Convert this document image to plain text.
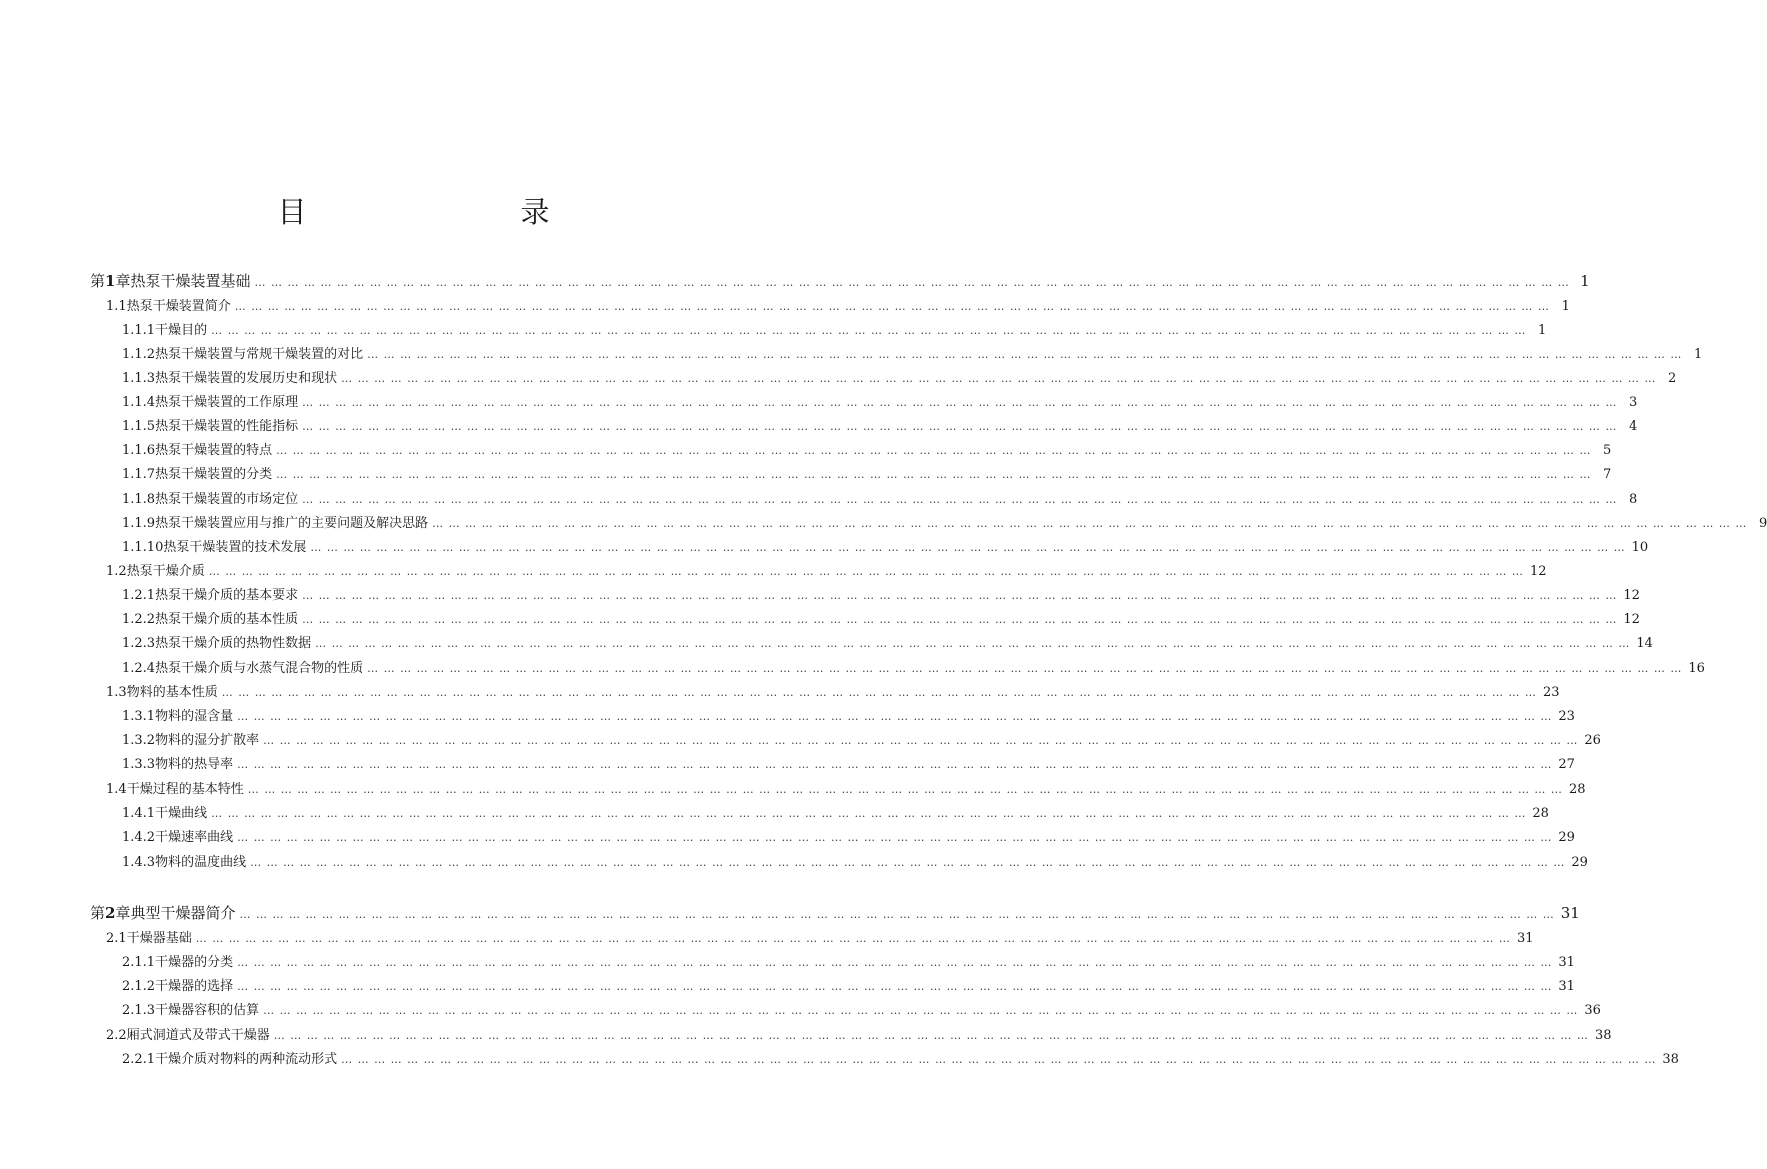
目　　录
第1章 热泵干燥装置基础 … … … … … … … … … … … … … … … … … … … … … … … … … … … … … … … … … … … … … … … … … … … … … … … … … … … … … … … … … … … … … … … … … … … … … … … … … … … … … … … … 1
1.1 热泵干燥装置简介 … … … … … … … … … … … … … … … … … … … … … … … … … … … … … … … … … … … … … … … … … … … … … … … … … … … … … … … … … … … … … … … … … … … … … … … … … … … … … … … … 1
1.1.1 干燥目的 … … … … … … … … … … … … … … … … … … … … … … … … … … … … … … … … … … … … … … … … … … … … … … … … … … … … … … … … … … … … … … … … … … … … … … … … … … … … … … … … 1
1.1.2 热泵干燥装置与常规干燥装置的对比 … … … … … … … … … … … … … … … … … … … … … … … … … … … … … … … … … … … … … … … … … … … … … … … … … … … … … … … … … … … … … … … … … … … … … … … … … … … … … … … … 1
1.1.3 热泵干燥装置的发展历史和现状 … … … … … … … … … … … … … … … … … … … … … … … … … … … … … … … … … … … … … … … … … … … … … … … … … … … … … … … … … … … … … … … … … … … … … … … … … … … … … … … … 2
1.1.4 热泵干燥装置的工作原理 … … … … … … … … … … … … … … … … … … … … … … … … … … … … … … … … … … … … … … … … … … … … … … … … … … … … … … … … … … … … … … … … … … … … … … … … … … … … … … … … 3
1.1.5 热泵干燥装置的性能指标 … … … … … … … … … … … … … … … … … … … … … … … … … … … … … … … … … … … … … … … … … … … … … … … … … … … … … … … … … … … … … … … … … … … … … … … … … … … … … … … … 4
1.1.6 热泵干燥装置的特点 … … … … … … … … … … … … … … … … … … … … … … … … … … … … … … … … … … … … … … … … … … … … … … … … … … … … … … … … … … … … … … … … … … … … … … … … … … … … … … … … 5
1.1.7 热泵干燥装置的分类 … … … … … … … … … … … … … … … … … … … … … … … … … … … … … … … … … … … … … … … … … … … … … … … … … … … … … … … … … … … … … … … … … … … … … … … … … … … … … … … … 7
1.1.8 热泵干燥装置的市场定位 … … … … … … … … … … … … … … … … … … … … … … … … … … … … … … … … … … … … … … … … … … … … … … … … … … … … … … … … … … … … … … … … … … … … … … … … … … … … … … … … 8
1.1.9 热泵干燥装置应用与推广的主要问题及解决思路 … … … … … … … … … … … … … … … … … … … … … … … … … … … … … … … … … … … … … … … … … … … … … … … … … … … … … … … … … … … … … … … … … … … … … … … … … … … … … … … … 9
1.1.10 热泵干燥装置的技术发展 … … … … … … … … … … … … … … … … … … … … … … … … … … … … … … … … … … … … … … … … … … … … … … … … … … … … … … … … … … … … … … … … … … … … … … … … … … … … … … … … 10
1.2 热泵干燥介质 … … … … … … … … … … … … … … … … … … … … … … … … … … … … … … … … … … … … … … … … … … … … … … … … … … … … … … … … … … … … … … … … … … … … … … … … … … … … … … … … 12
1.2.1 热泵干燥介质的基本要求 … … … … … … … … … … … … … … … … … … … … … … … … … … … … … … … … … … … … … … … … … … … … … … … … … … … … … … … … … … … … … … … … … … … … … … … … … … … … … … … … 12
1.2.2 热泵干燥介质的基本性质 … … … … … … … … … … … … … … … … … … … … … … … … … … … … … … … … … … … … … … … … … … … … … … … … … … … … … … … … … … … … … … … … … … … … … … … … … … … … … … … … 12
1.2.3 热泵干燥介质的热物性数据 … … … … … … … … … … … … … … … … … … … … … … … … … … … … … … … … … … … … … … … … … … … … … … … … … … … … … … … … … … … … … … … … … … … … … … … … … … … … … … … … 14
1.2.4 热泵干燥介质与水蒸气混合物的性质 … … … … … … … … … … … … … … … … … … … … … … … … … … … … … … … … … … … … … … … … … … … … … … … … … … … … … … … … … … … … … … … … … … … … … … … … … … … … … … … … 16
1.3 物料的基本性质 … … … … … … … … … … … … … … … … … … … … … … … … … … … … … … … … … … … … … … … … … … … … … … … … … … … … … … … … … … … … … … … … … … … … … … … … … … … … … … … … 23
1.3.1 物料的湿含量 … … … … … … … … … … … … … … … … … … … … … … … … … … … … … … … … … … … … … … … … … … … … … … … … … … … … … … … … … … … … … … … … … … … … … … … … … … … … … … … … 23
1.3.2 物料的湿分扩散率 … … … … … … … … … … … … … … … … … … … … … … … … … … … … … … … … … … … … … … … … … … … … … … … … … … … … … … … … … … … … … … … … … … … … … … … … … … … … … … … … 26
1.3.3 物料的热导率 … … … … … … … … … … … … … … … … … … … … … … … … … … … … … … … … … … … … … … … … … … … … … … … … … … … … … … … … … … … … … … … … … … … … … … … … … … … … … … … … 27
1.4 干燥过程的基本特性 … … … … … … … … … … … … … … … … … … … … … … … … … … … … … … … … … … … … … … … … … … … … … … … … … … … … … … … … … … … … … … … … … … … … … … … … … … … … … … … … 28
1.4.1 干燥曲线 … … … … … … … … … … … … … … … … … … … … … … … … … … … … … … … … … … … … … … … … … … … … … … … … … … … … … … … … … … … … … … … … … … … … … … … … … … … … … … … … 28
1.4.2 干燥速率曲线 … … … … … … … … … … … … … … … … … … … … … … … … … … … … … … … … … … … … … … … … … … … … … … … … … … … … … … … … … … … … … … … … … … … … … … … … … … … … … … … … 29
1.4.3 物料的温度曲线 … … … … … … … … … … … … … … … … … … … … … … … … … … … … … … … … … … … … … … … … … … … … … … … … … … … … … … … … … … … … … … … … … … … … … … … … … … … … … … … … 29
第2章 典型干燥器简介 … … … … … … … … … … … … … … … … … … … … … … … … … … … … … … … … … … … … … … … … … … … … … … … … … … … … … … … … … … … … … … … … … … … … … … … … … … … … … … … … 31
2.1 干燥器基础 … … … … … … … … … … … … … … … … … … … … … … … … … … … … … … … … … … … … … … … … … … … … … … … … … … … … … … … … … … … … … … … … … … … … … … … … … … … … … … … … 31
2.1.1 干燥器的分类 … … … … … … … … … … … … … … … … … … … … … … … … … … … … … … … … … … … … … … … … … … … … … … … … … … … … … … … … … … … … … … … … … … … … … … … … … … … … … … … … 31
2.1.2 干燥器的选择 … … … … … … … … … … … … … … … … … … … … … … … … … … … … … … … … … … … … … … … … … … … … … … … … … … … … … … … … … … … … … … … … … … … … … … … … … … … … … … … … 31
2.1.3 干燥器容积的估算 … … … … … … … … … … … … … … … … … … … … … … … … … … … … … … … … … … … … … … … … … … … … … … … … … … … … … … … … … … … … … … … … … … … … … … … … … … … … … … … … 36
2.2 厢式洞道式及带式干燥器 … … … … … … … … … … … … … … … … … … … … … … … … … … … … … … … … … … … … … … … … … … … … … … … … … … … … … … … … … … … … … … … … … … … … … … … … … … … … … … … … 38
2.2.1 干燥介质对物料的两种流动形式 … … … … … … … … … … … … … … … … … … … … … … … … … … … … … … … … … … … … … … … … … … … … … … … … … … … … … … … … … … … … … … … … … … … … … … … … … … … … … … … … 38
